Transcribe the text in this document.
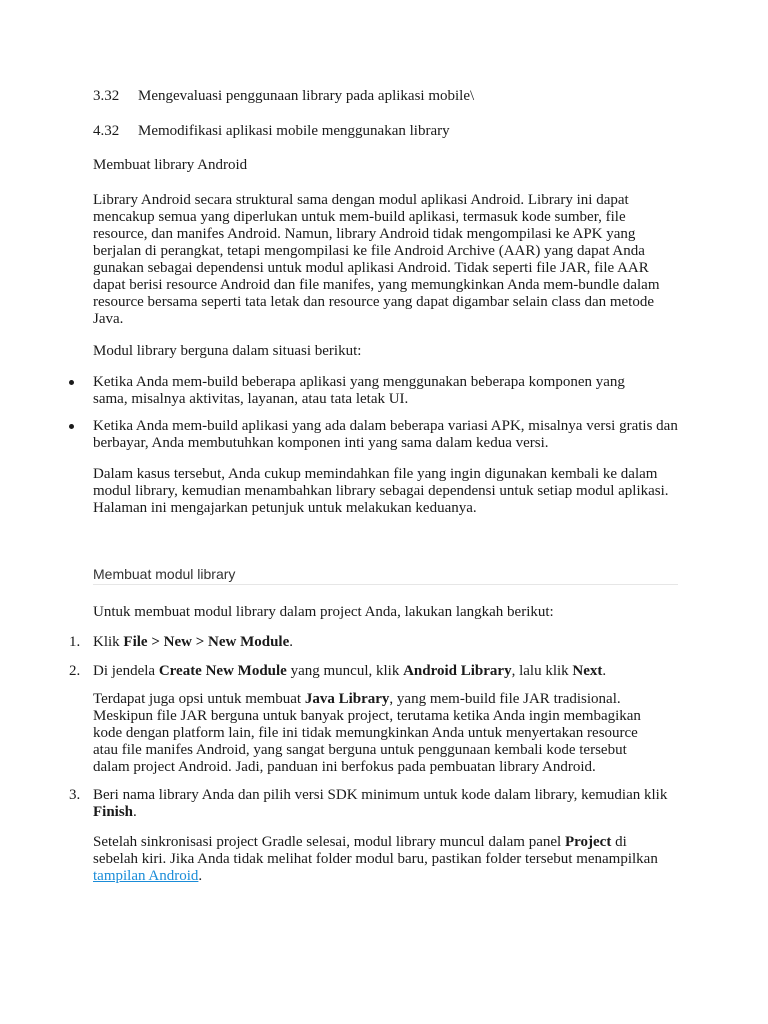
3.32 Mengevaluasi penggunaan library pada aplikasi mobile\
4.32 Memodifikasi aplikasi mobile menggunakan library

Membuat library Android

Library Android secara struktural sama dengan modul aplikasi Android. Library ini dapat mencakup semua yang diperlukan untuk mem-build aplikasi, termasuk kode sumber, file resource, dan manifes Android. Namun, library Android tidak mengompilasi ke APK yang berjalan di perangkat, tetapi mengompilasi ke file Android Archive (AAR) yang dapat Anda gunakan sebagai dependensi untuk modul aplikasi Android. Tidak seperti file JAR, file AAR dapat berisi resource Android dan file manifes, yang memungkinkan Anda mem-bundle dalam resource bersama seperti tata letak dan resource yang dapat digambar selain class dan metode Java.

Modul library berguna dalam situasi berikut:

Ketika Anda mem-build beberapa aplikasi yang menggunakan beberapa komponen yang sama, misalnya aktivitas, layanan, atau tata letak UI.
Ketika Anda mem-build aplikasi yang ada dalam beberapa variasi APK, misalnya versi gratis dan berbayar, Anda membutuhkan komponen inti yang sama dalam kedua versi.

Dalam kasus tersebut, Anda cukup memindahkan file yang ingin digunakan kembali ke dalam modul library, kemudian menambahkan library sebagai dependensi untuk setiap modul aplikasi. Halaman ini mengajarkan petunjuk untuk melakukan keduanya.

Membuat modul library

Untuk membuat modul library dalam project Anda, lakukan langkah berikut:

1. Klik File > New > New Module.
2. Di jendela Create New Module yang muncul, klik Android Library, lalu klik Next.

Terdapat juga opsi untuk membuat Java Library, yang mem-build file JAR tradisional. Meskipun file JAR berguna untuk banyak project, terutama ketika Anda ingin membagikan kode dengan platform lain, file ini tidak memungkinkan Anda untuk menyertakan resource atau file manifes Android, yang sangat berguna untuk penggunaan kembali kode tersebut dalam project Android. Jadi, panduan ini berfokus pada pembuatan library Android.

3. Beri nama library Anda dan pilih versi SDK minimum untuk kode dalam library, kemudian klik Finish.

Setelah sinkronisasi project Gradle selesai, modul library muncul dalam panel Project di sebelah kiri. Jika Anda tidak melihat folder modul baru, pastikan folder tersebut menampilkan tampilan Android.
